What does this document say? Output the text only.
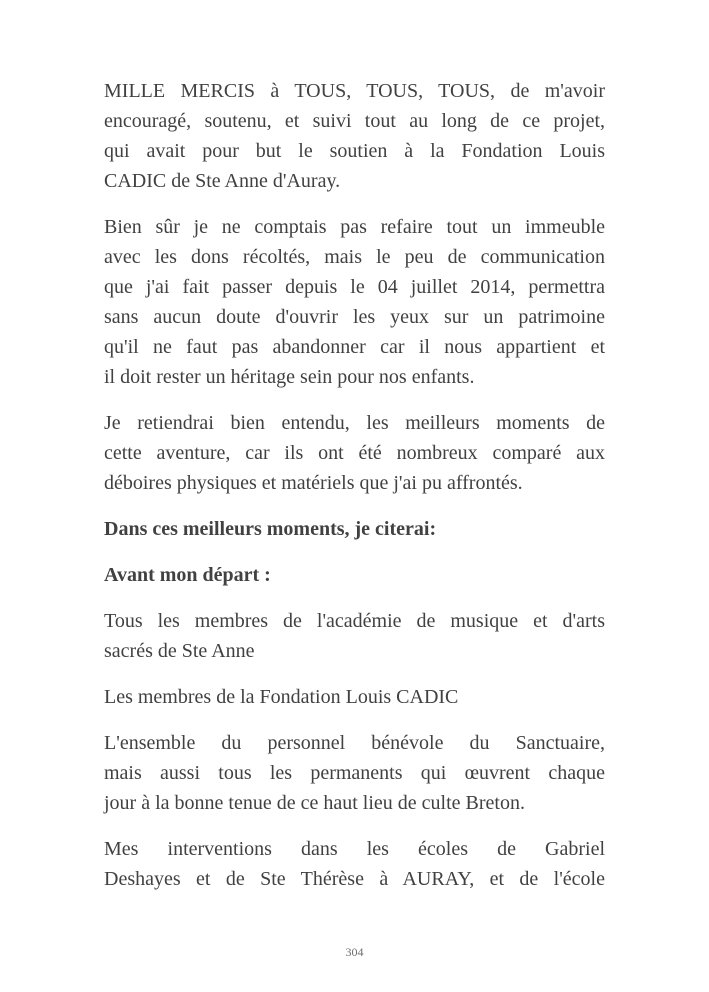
MILLE MERCIS à TOUS, TOUS, TOUS, de m'avoir
encouragé, soutenu, et suivi tout au long de ce projet,
qui avait pour but le soutien à la Fondation Louis
CADIC de Ste Anne d'Auray.

Bien sûr je ne comptais pas refaire tout un immeuble
avec les dons récoltés, mais le peu de communication
que j'ai fait passer depuis le 04 juillet 2014, permettra
sans aucun doute d'ouvrir les yeux sur un patrimoine
qu'il ne faut pas abandonner car il nous appartient et
il doit rester un héritage sein pour nos enfants.

Je retiendrai bien entendu, les meilleurs moments de
cette aventure, car ils ont été nombreux comparé aux
déboires physiques et matériels que j'ai pu affrontés.

Dans ces meilleurs moments, je citerai:

Avant mon départ :

Tous les membres de l'académie de musique et d'arts
sacrés de Ste Anne

Les membres de la Fondation Louis CADIC

L'ensemble du personnel bénévole du Sanctuaire,
mais aussi tous les permanents qui œuvrent chaque
jour à la bonne tenue de ce haut lieu de culte Breton.

Mes interventions dans les écoles de Gabriel
Deshayes et de Ste Thérèse à AURAY, et de l'école

304
